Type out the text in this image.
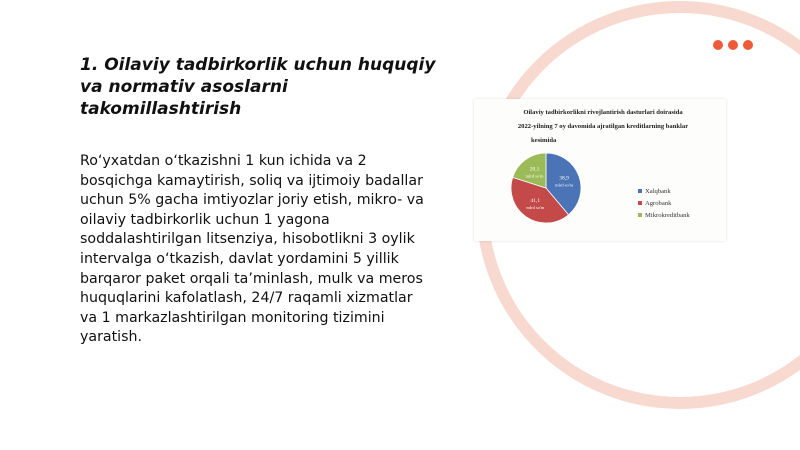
1. Oilaviy tadbirkorlik uchun huquqiy va normativ asoslarni takomillashtirish
Ro‘yxatdan o‘tkazishni 1 kun ichida va 2 bosqichga kamaytirish, soliq va ijtimoiy badallar uchun 5% gacha imtiyozlar joriy etish, mikro- va oilaviy tadbirkorlik uchun 1 yagona soddalashtirilgan litsenziya, hisobotlikni 3 oylik intervalga o‘tkazish, davlat yordamini 5 yillik barqaror paket orqali ta’minlash, mulk va meros huquqlarini kafolatlash, 24/7 raqamli xizmatlar va 1 markazlashtirilgan monitoring tizimini yaratish.
Oilaviy tadbirkorlikni rivojlantirish dasturlari doirasida
2022-yilning 7 oy davomida ajratilgan kreditlarning banklar
kesimida
38,9
mlrd so'm
41,1
mlrd so'm
20,1
mlrd so'm
Xalqbank
Agrobank
Mikrokreditbank
